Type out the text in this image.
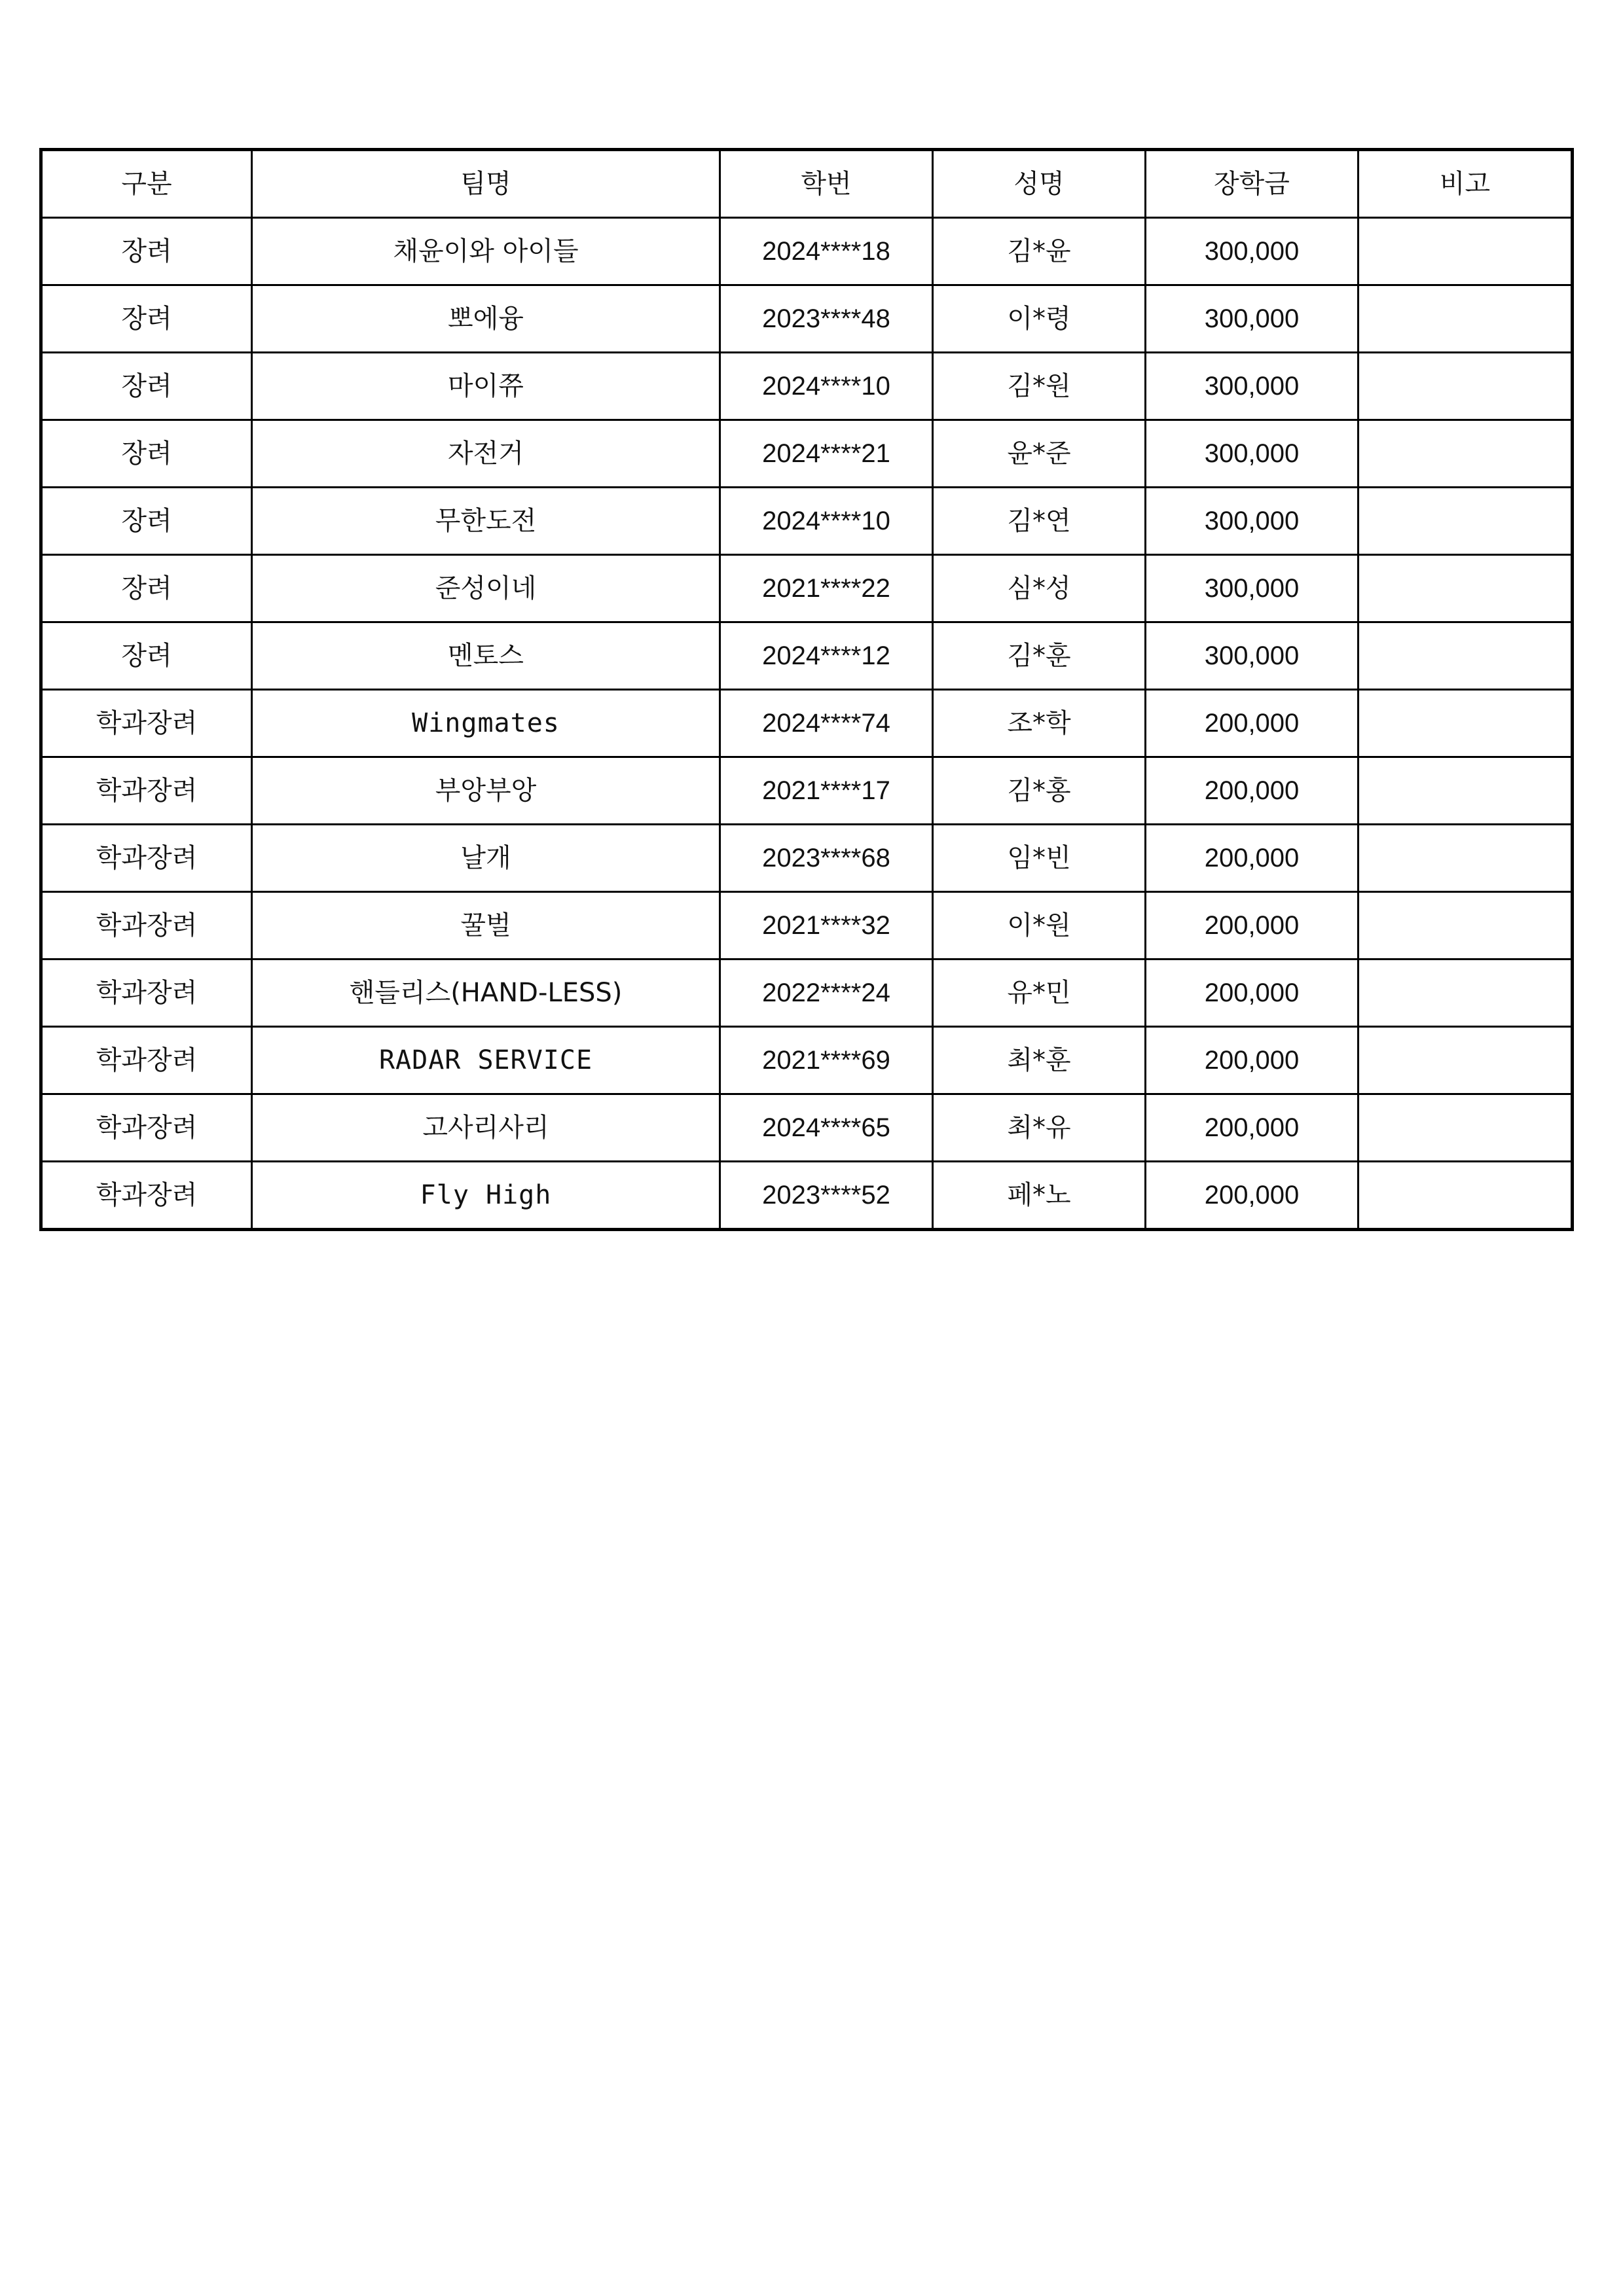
구분	팀명	학번	성명	장학금	비고
장려	채윤이와 아이들	2024****18	김*윤	300,000	
장려	뽀에융	2023****48	이*령	300,000	
장려	마이쮸	2024****10	김*원	300,000	
장려	자전거	2024****21	윤*준	300,000	
장려	무한도전	2024****10	김*연	300,000	
장려	준성이네	2021****22	심*성	300,000	
장려	멘토스	2024****12	김*훈	300,000	
학과장려	Wingmates	2024****74	조*학	200,000	
학과장려	부앙부앙	2021****17	김*홍	200,000	
학과장려	날개	2023****68	임*빈	200,000	
학과장려	꿀벌	2021****32	이*원	200,000	
학과장려	핸들리스(HAND-LESS)	2022****24	유*민	200,000	
학과장려	RADAR SERVICE	2021****69	최*훈	200,000	
학과장려	고사리사리	2024****65	최*유	200,000	
학과장려	Fly High	2023****52	페*노	200,000	
